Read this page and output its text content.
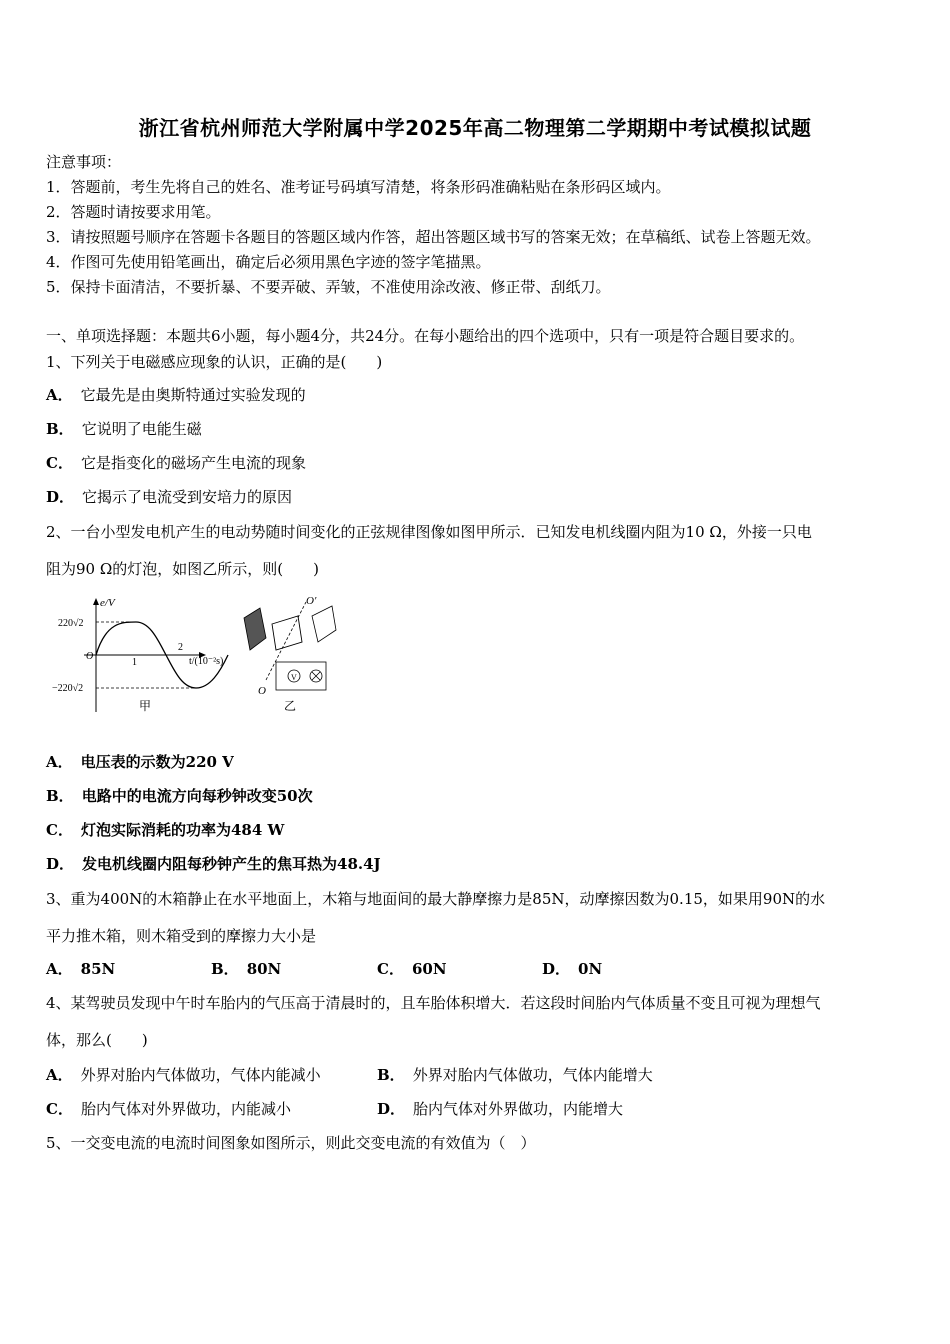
浙江省杭州师范大学附属中学2025年高二物理第二学期期中考试模拟试题
注意事项：
1．答题前，考生先将自己的姓名、准考证号码填写清楚，将条形码准确粘贴在条形码区域内。
2．答题时请按要求用笔。
3．请按照题号顺序在答题卡各题目的答题区域内作答，超出答题区域书写的答案无效；在草稿纸、试卷上答题无效。
4．作图可先使用铅笔画出，确定后必须用黑色字迹的签字笔描黑。
5．保持卡面清洁，不要折暴、不要弄破、弄皱，不准使用涂改液、修正带、刮纸刀。
一、单项选择题：本题共6小题，每小题4分，共24分。在每小题给出的四个选项中，只有一项是符合题目要求的。
1、下列关于电磁感应现象的认识，正确的是(　　)
A． 它最先是由奥斯特通过实验发现的
B． 它说明了电能生磁
C． 它是指变化的磁场产生电流的现象
D． 它揭示了电流受到安培力的原因
2、一台小型发电机产生的电动势随时间变化的正弦规律图像如图甲所示．已知发电机线圈内阻为10 Ω，外接一只电
阻为90 Ω的灯泡，如图乙所示，则(　　)
e/V
220√2
−220√2
O
1
2
t/(10⁻²s)
甲
O′
O
V
乙
A． 电压表的示数为220 V
B． 电路中的电流方向每秒钟改变50次
C． 灯泡实际消耗的功率为484 W
D． 发电机线圈内阻每秒钟产生的焦耳热为48.4J
3、重为400N的木箱静止在水平地面上，木箱与地面间的最大静摩擦力是85N，动摩擦因数为0.15，如果用90N的水
平力推木箱，则木箱受到的摩擦力大小是
A． 85N	B． 80N	C． 60N	D． 0N
4、某驾驶员发现中午时车胎内的气压高于清晨时的，且车胎体积增大．若这段时间胎内气体质量不变且可视为理想气
体，那么(　　)
A． 外界对胎内气体做功，气体内能减小	B． 外界对胎内气体做功，气体内能增大
C． 胎内气体对外界做功，内能减小	D． 胎内气体对外界做功，内能增大
5、一交变电流的电流时间图象如图所示，则此交变电流的有效值为（　）
